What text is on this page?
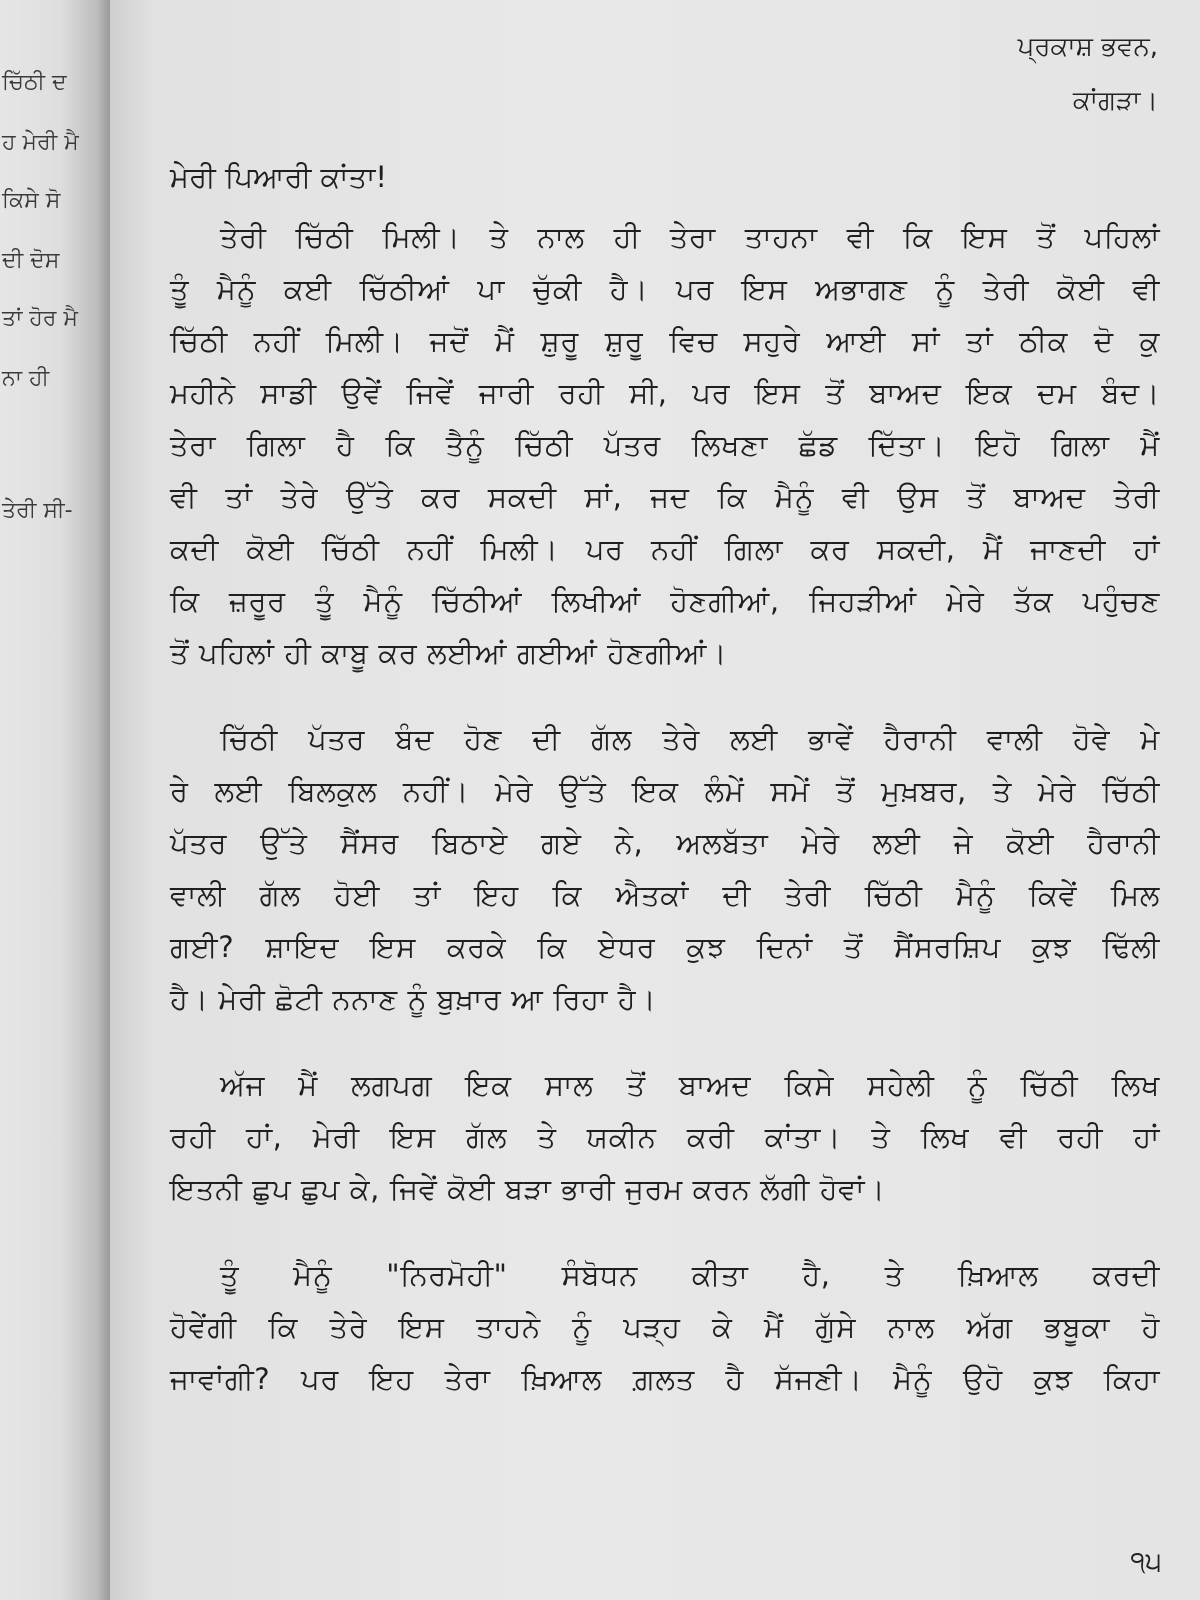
ਚਿੱਠੀ ਦ
ਹ ਮੇਰੀ ਮੈ
ਕਿਸੇ ਸੋ
ਦੀ ਦੋਸ
ਤਾਂ ਹੋਰ ਮੈ
ਨਾ ਹੀ
ਤੇਰੀ ਸੀ-
ਪ੍ਰਕਾਸ਼ ਭਵਨ,
ਕਾਂਗੜਾ।
ਮੇਰੀ ਪਿਆਰੀ ਕਾਂਤਾ!
ਤੇਰੀ ਚਿੱਠੀ ਮਿਲੀ। ਤੇ ਨਾਲ ਹੀ ਤੇਰਾ ਤਾਹਨਾ ਵੀ ਕਿ ਇਸ ਤੋਂ ਪਹਿਲਾਂ
ਤੂੰ ਮੈਨੂੰ ਕਈ ਚਿੱਠੀਆਂ ਪਾ ਚੁੱਕੀ ਹੈ। ਪਰ ਇਸ ਅਭਾਗਣ ਨੂੰ ਤੇਰੀ ਕੋਈ ਵੀ
ਚਿੱਠੀ ਨਹੀਂ ਮਿਲੀ। ਜਦੋਂ ਮੈਂ ਸ਼ੁਰੂ ਸ਼ੁਰੂ ਵਿਚ ਸਹੁਰੇ ਆਈ ਸਾਂ ਤਾਂ ਠੀਕ ਦੋ ਕੁ
ਮਹੀਨੇ ਸਾਡੀ ਉਵੇਂ ਜਿਵੇਂ ਜਾਰੀ ਰਹੀ ਸੀ, ਪਰ ਇਸ ਤੋਂ ਬਾਅਦ ਇਕ ਦਮ ਬੰਦ।
ਤੇਰਾ ਗਿਲਾ ਹੈ ਕਿ ਤੈਨੂੰ ਚਿੱਠੀ ਪੱਤਰ ਲਿਖਣਾ ਛੱਡ ਦਿੱਤਾ। ਇਹੋ ਗਿਲਾ ਮੈਂ
ਵੀ ਤਾਂ ਤੇਰੇ ਉੱਤੇ ਕਰ ਸਕਦੀ ਸਾਂ, ਜਦ ਕਿ ਮੈਨੂੰ ਵੀ ਉਸ ਤੋਂ ਬਾਅਦ ਤੇਰੀ
ਕਦੀ ਕੋਈ ਚਿੱਠੀ ਨਹੀਂ ਮਿਲੀ। ਪਰ ਨਹੀਂ ਗਿਲਾ ਕਰ ਸਕਦੀ, ਮੈਂ ਜਾਣਦੀ ਹਾਂ
ਕਿ ਜ਼ਰੂਰ ਤੂੰ ਮੈਨੂੰ ਚਿੱਠੀਆਂ ਲਿਖੀਆਂ ਹੋਣਗੀਆਂ, ਜਿਹੜੀਆਂ ਮੇਰੇ ਤੱਕ ਪਹੁੰਚਣ
ਤੋਂ ਪਹਿਲਾਂ ਹੀ ਕਾਬੂ ਕਰ ਲਈਆਂ ਗਈਆਂ ਹੋਣਗੀਆਂ।
ਚਿੱਠੀ ਪੱਤਰ ਬੰਦ ਹੋਣ ਦੀ ਗੱਲ ਤੇਰੇ ਲਈ ਭਾਵੇਂ ਹੈਰਾਨੀ ਵਾਲੀ ਹੋਵੇ ਮੇ
ਰੇ ਲਈ ਬਿਲਕੁਲ ਨਹੀਂ। ਮੇਰੇ ਉੱਤੇ ਇਕ ਲੰਮੇਂ ਸਮੇਂ ਤੋਂ ਮੁਖ਼ਬਰ, ਤੇ ਮੇਰੇ ਚਿੱਠੀ
ਪੱਤਰ ਉੱਤੇ ਸੈਂਸਰ ਬਿਠਾਏ ਗਏ ਨੇ, ਅਲਬੱਤਾ ਮੇਰੇ ਲਈ ਜੇ ਕੋਈ ਹੈਰਾਨੀ
ਵਾਲੀ ਗੱਲ ਹੋਈ ਤਾਂ ਇਹ ਕਿ ਐਤਕਾਂ ਦੀ ਤੇਰੀ ਚਿੱਠੀ ਮੈਨੂੰ ਕਿਵੇਂ ਮਿਲ
ਗਈ? ਸ਼ਾਇਦ ਇਸ ਕਰਕੇ ਕਿ ਏਧਰ ਕੁਝ ਦਿਨਾਂ ਤੋਂ ਸੈਂਸਰਸ਼ਿਪ ਕੁਝ ਢਿੱਲੀ
ਹੈ। ਮੇਰੀ ਛੋਟੀ ਨਨਾਣ ਨੂੰ ਬੁਖ਼ਾਰ ਆ ਰਿਹਾ ਹੈ।
ਅੱਜ ਮੈਂ ਲਗਪਗ ਇਕ ਸਾਲ ਤੋਂ ਬਾਅਦ ਕਿਸੇ ਸਹੇਲੀ ਨੂੰ ਚਿੱਠੀ ਲਿਖ
ਰਹੀ ਹਾਂ, ਮੇਰੀ ਇਸ ਗੱਲ ਤੇ ਯਕੀਨ ਕਰੀ ਕਾਂਤਾ। ਤੇ ਲਿਖ ਵੀ ਰਹੀ ਹਾਂ
ਇਤਨੀ ਛੁਪ ਛੁਪ ਕੇ, ਜਿਵੇਂ ਕੋਈ ਬੜਾ ਭਾਰੀ ਜੁਰਮ ਕਰਨ ਲੱਗੀ ਹੋਵਾਂ।
ਤੂੰ ਮੈਨੂੰ "ਨਿਰਮੋਹੀ" ਸੰਬੋਧਨ ਕੀਤਾ ਹੈ, ਤੇ ਖ਼ਿਆਲ ਕਰਦੀ
ਹੋਵੇਂਗੀ ਕਿ ਤੇਰੇ ਇਸ ਤਾਹਨੇ ਨੂੰ ਪੜ੍ਹ ਕੇ ਮੈਂ ਗੁੱਸੇ ਨਾਲ ਅੱਗ ਭਬੂਕਾ ਹੋ
ਜਾਵਾਂਗੀ? ਪਰ ਇਹ ਤੇਰਾ ਖ਼ਿਆਲ ਗ਼ਲਤ ਹੈ ਸੱਜਣੀ। ਮੈਨੂੰ ਉਹੋ ਕੁਝ ਕਿਹਾ
੧੫
